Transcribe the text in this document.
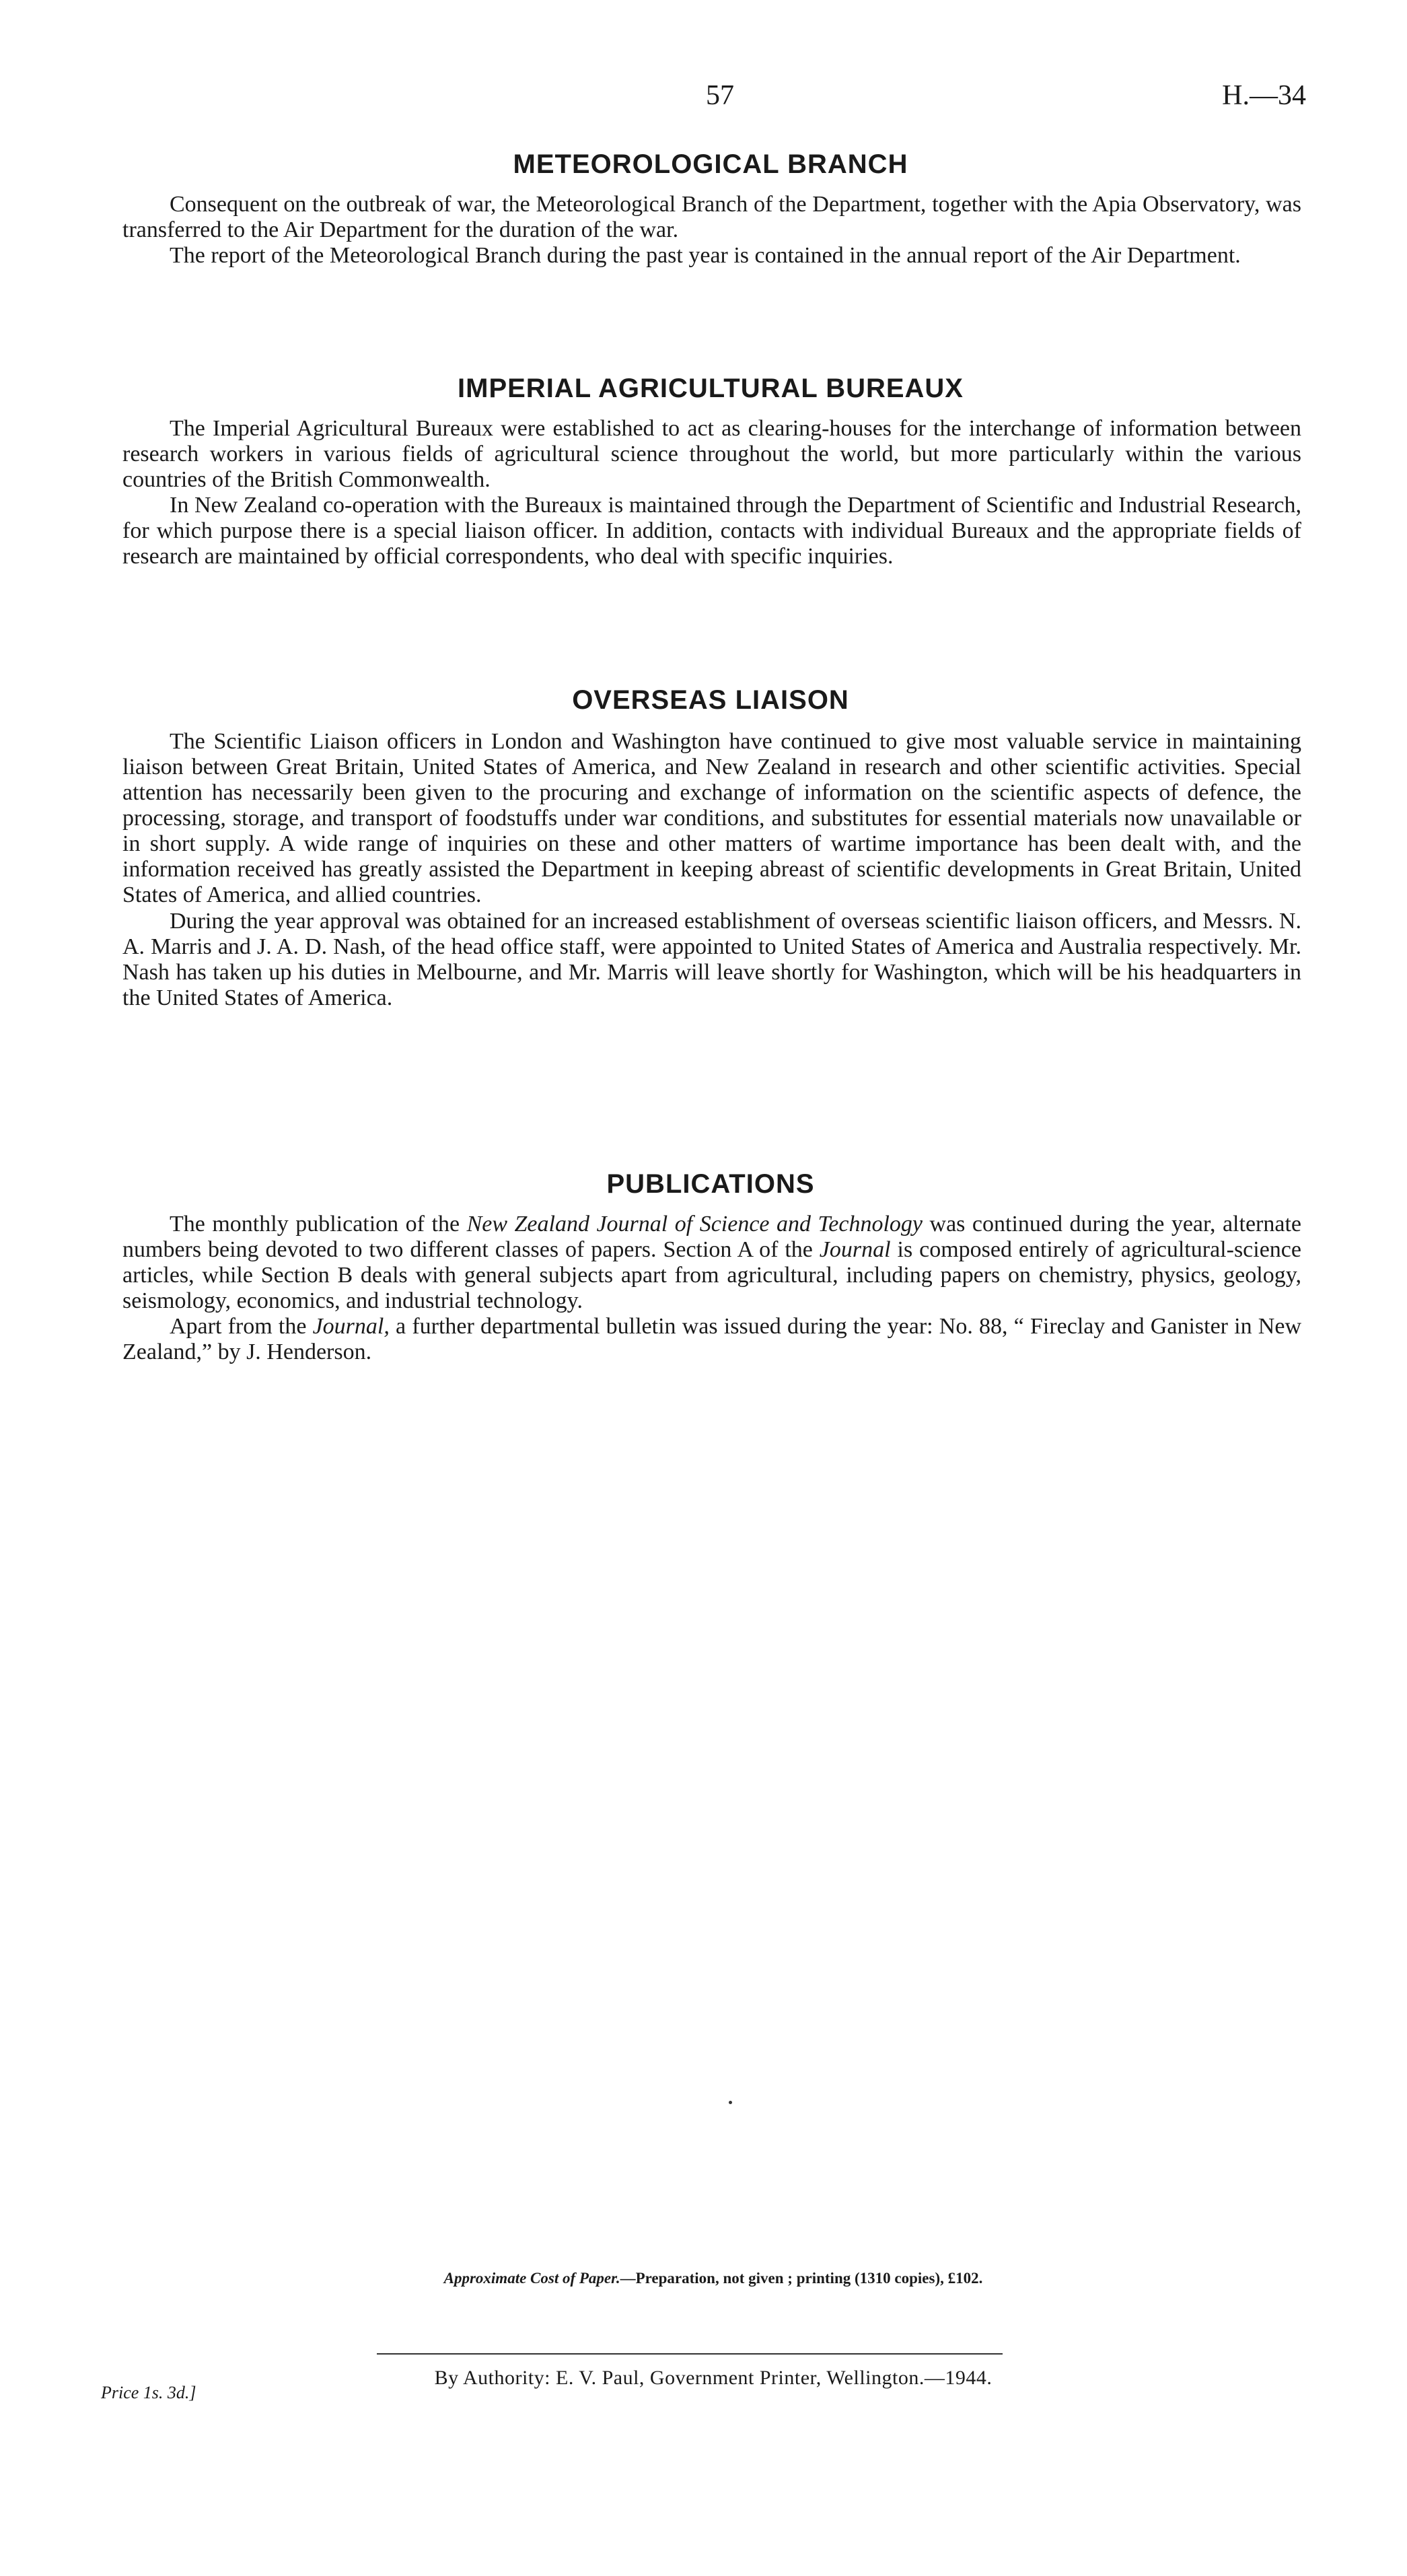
57	H.—34
METEOROLOGICAL BRANCH

Consequent on the outbreak of war, the Meteorological Branch of the Department, together with the Apia Observatory, was transferred to the Air Department for the duration of the war.

The report of the Meteorological Branch during the past year is contained in the annual report of the Air Department.

IMPERIAL AGRICULTURAL BUREAUX

The Imperial Agricultural Bureaux were established to act as clearing-houses for the interchange of information between research workers in various fields of agricultural science throughout the world, but more particularly within the various countries of the British Commonwealth.

In New Zealand co-operation with the Bureaux is maintained through the Department of Scientific and Industrial Research, for which purpose there is a special liaison officer. In addition, contacts with individual Bureaux and the appropriate fields of research are maintained by official correspondents, who deal with specific inquiries.

OVERSEAS LIAISON

The Scientific Liaison officers in London and Washington have continued to give most valuable service in maintaining liaison between Great Britain, United States of America, and New Zealand in research and other scientific activities. Special attention has necessarily been given to the procuring and exchange of information on the scientific aspects of defence, the processing, storage, and transport of foodstuffs under war conditions, and substitutes for essential materials now unavailable or in short supply. A wide range of inquiries on these and other matters of wartime importance has been dealt with, and the information received has greatly assisted the Department in keeping abreast of scientific developments in Great Britain, United States of America, and allied countries.

During the year approval was obtained for an increased establishment of overseas scientific liaison officers, and Messrs. N. A. Marris and J. A. D. Nash, of the head office staff, were appointed to United States of America and Australia respectively. Mr. Nash has taken up his duties in Melbourne, and Mr. Marris will leave shortly for Washington, which will be his headquarters in the United States of America.

PUBLICATIONS

The monthly publication of the New Zealand Journal of Science and Technology was continued during the year, alternate numbers being devoted to two different classes of papers. Section A of the Journal is composed entirely of agricultural-science articles, while Section B deals with general subjects apart from agricultural, including papers on chemistry, physics, geology, seismology, economics, and industrial technology.

Apart from the Journal, a further departmental bulletin was issued during the year: No. 88, “ Fireclay and Ganister in New Zealand,” by J. Henderson.

Approximate Cost of Paper.—Preparation, not given ; printing (1310 copies), £102.
By Authority: E. V. Paul, Government Printer, Wellington.—1944.
Price 1s. 3d.]
